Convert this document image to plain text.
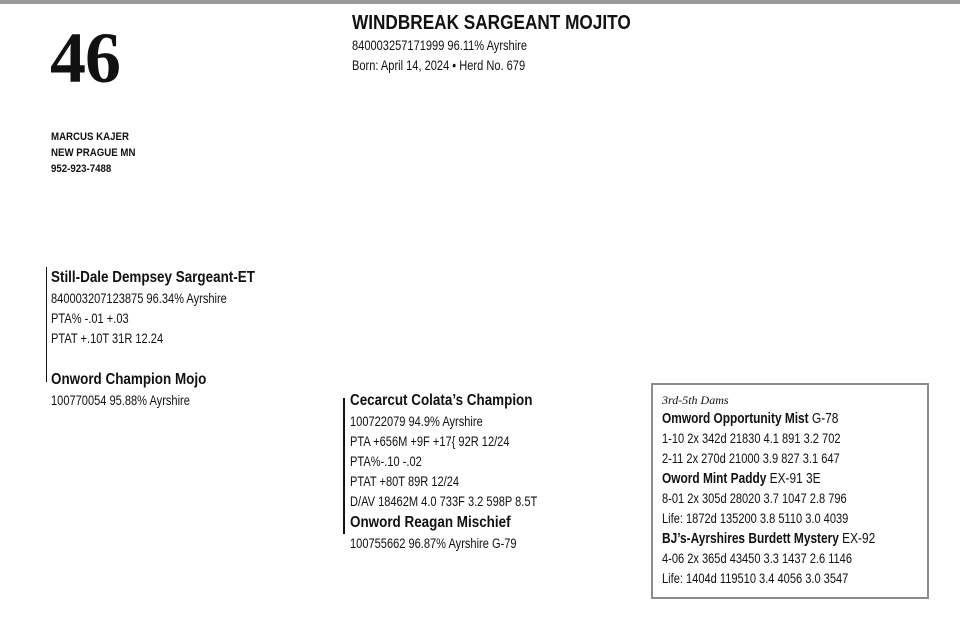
46
MARCUS KAJER
NEW PRAGUE MN
952-923-7488
WINDBREAK SARGEANT MOJITO
840003257171999 96.11% Ayrshire
Born: April 14, 2024 • Herd No. 679
Still-Dale Dempsey Sargeant-ET
840003207123875 96.34% Ayrshire
PTA% -.01 +.03
PTAT +.10T 31R 12.24
Onword Champion Mojo
100770054 95.88% Ayrshire	Cecarcut Colata’s Champion
100722079 94.9% Ayrshire
PTA +656M +9F +17{ 92R 12/24
PTA%-.10 -.02
PTAT +80T 89R 12/24
D/AV 18462M 4.0 733F 3.2 598P 8.5T
Onword Reagan Mischief
100755662 96.87% Ayrshire G-79
3rd-5th Dams
Omword Opportunity Mist G-78
1-10 2x 342d 21830 4.1 891 3.2 702
2-11 2x 270d 21000 3.9 827 3.1 647
Oword Mint Paddy EX-91 3E
8-01 2x 305d 28020 3.7 1047 2.8 796
Life: 1872d 135200 3.8 5110 3.0 4039
BJ’s-Ayrshires Burdett Mystery EX-92
4-06 2x 365d 43450 3.3 1437 2.6 1146
Life: 1404d 119510 3.4 4056 3.0 3547
